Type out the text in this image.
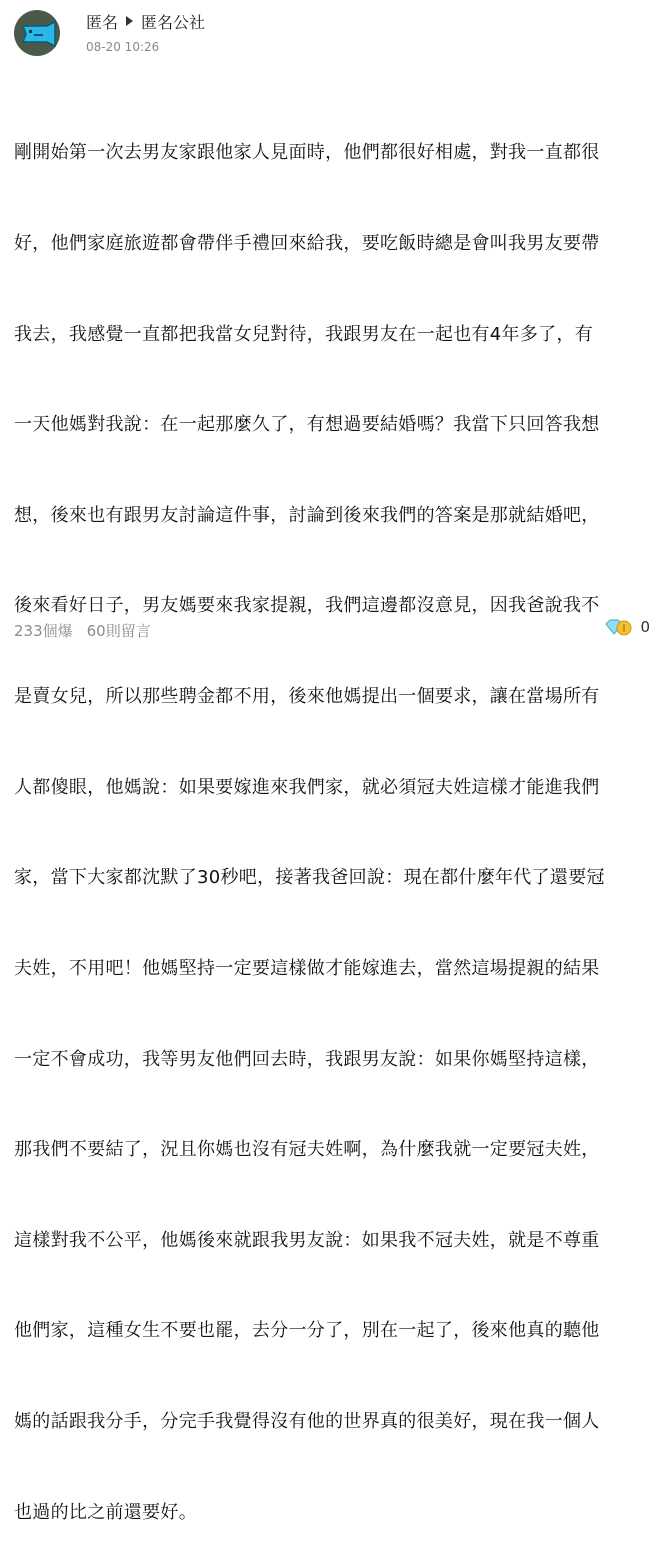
匿名 匿名公社
08-20 10:26

剛開始第一次去男友家跟他家人見面時，他們都很好相處，對我一直都很

好，他們家庭旅遊都會帶伴手禮回來給我，要吃飯時總是會叫我男友要帶

我去，我感覺一直都把我當女兒對待，我跟男友在一起也有4年多了，有

一天他媽對我說：在一起那麼久了，有想過要結婚嗎？我當下只回答我想

想，後來也有跟男友討論這件事，討論到後來我們的答案是那就結婚吧，

後來看好日子，男友媽要來我家提親，我們這邊都沒意見，因我爸說我不

是賣女兒，所以那些聘金都不用，後來他媽提出一個要求，讓在當場所有

人都傻眼，他媽說：如果要嫁進來我們家，就必須冠夫姓這樣才能進我們

家，當下大家都沈默了30秒吧，接著我爸回說：現在都什麼年代了還要冠

夫姓，不用吧！他媽堅持一定要這樣做才能嫁進去，當然這場提親的結果

一定不會成功，我等男友他們回去時，我跟男友說：如果你媽堅持這樣，

那我們不要結了，況且你媽也沒有冠夫姓啊，為什麼我就一定要冠夫姓，

這樣對我不公平，他媽後來就跟我男友說：如果我不冠夫姓，就是不尊重

他們家，這種女生不要也罷，去分一分了，別在一起了，後來他真的聽他

媽的話跟我分手，分完手我覺得沒有他的世界真的很美好，現在我一個人

也過的比之前還要好。

233個爆 60則留言	0
